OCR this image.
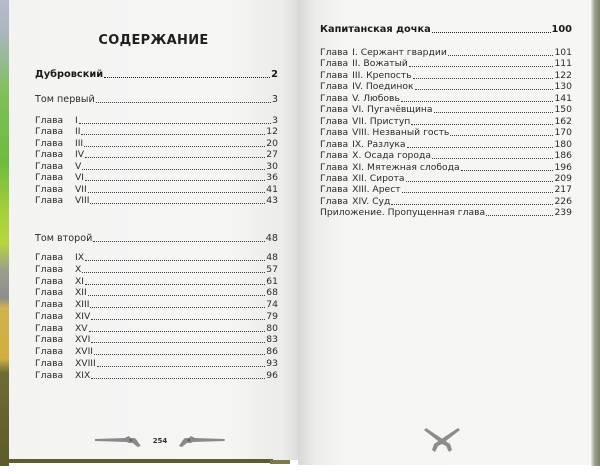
СОДЕРЖАНИЕ
Дубровский	2
Том первый	3
Глава I	3
Глава II	12
Глава III	20
Глава IV	27
Глава V	30
Глава VI	36
Глава VII	41
Глава VIII	43
Том второй	48
Глава IX	48
Глава X	57
Глава XI	61
Глава XII	68
Глава XIII	74
Глава XIV	79
Глава XV	80
Глава XVI	83
Глава XVII	86
Глава XVIII	93
Глава XIX	96
254
Капитанская дочка	100
Глава I. Сержант гвардии	101
Глава II. Вожатый	111
Глава III. Крепость	122
Глава IV. Поединок	130
Глава V. Любовь	141
Глава VI. Пугачёвщина	150
Глава VII. Приступ	162
Глава VIII. Незваный гость	170
Глава IX. Разлука	180
Глава X. Осада города	186
Глава XI. Мятежная слобода	196
Глава XII. Сирота	209
Глава XIII. Арест	217
Глава XIV. Суд	226
Приложение. Пропущенная глава	239
